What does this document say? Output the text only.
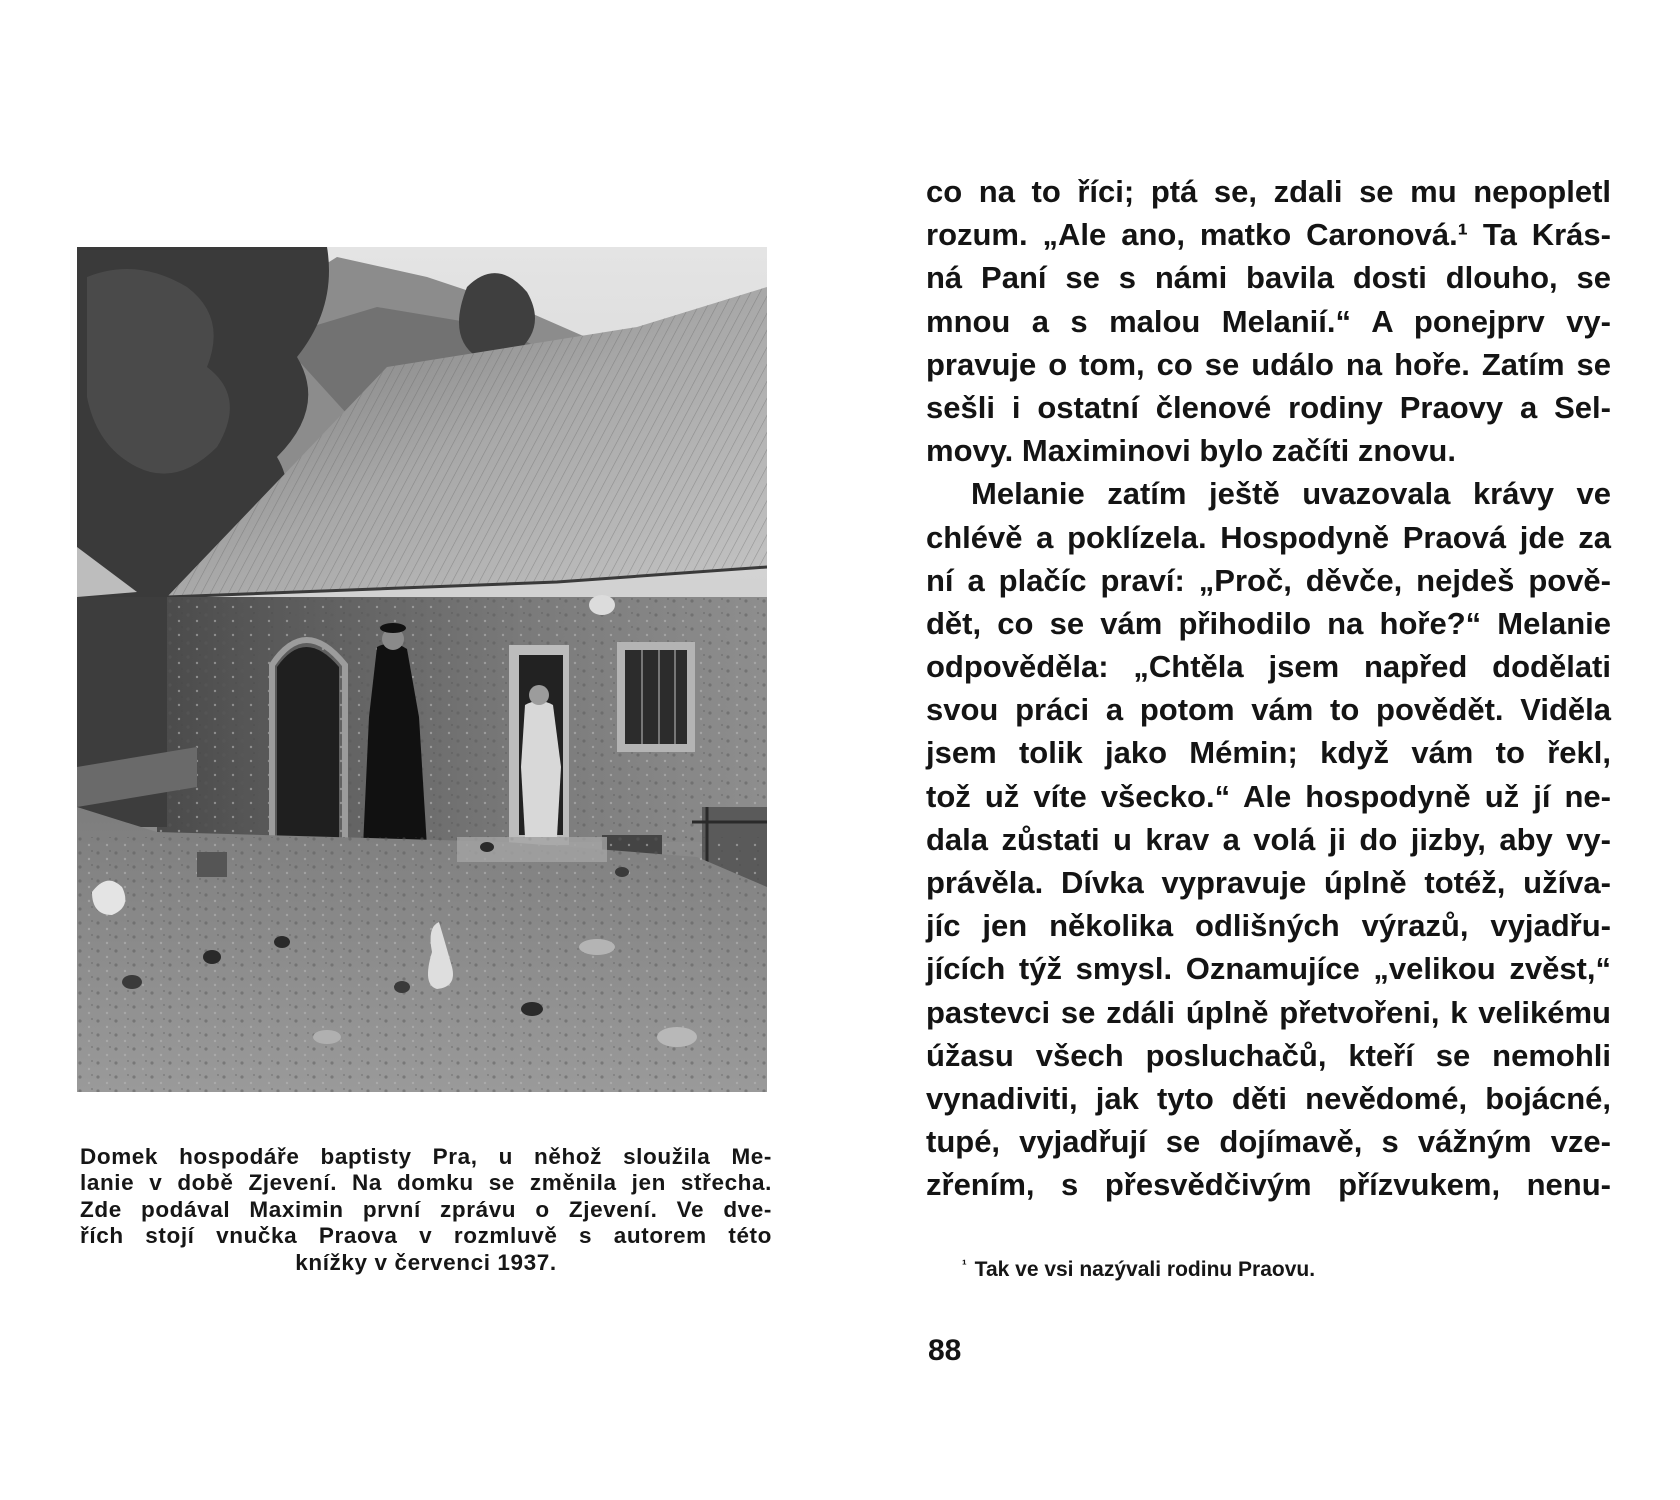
Domek hospodáře baptisty Pra, u něhož sloužila Me-
lanie v době Zjevení. Na domku se změnila jen střecha.
Zde podával Maximin první zprávu o Zjevení. Ve dve-
řích stojí vnučka Praova v rozmluvě s autorem této
knížky v červenci 1937.
co na to říci; ptá se, zdali se mu nepopletl
rozum. „Ale ano, matko Caronová.¹ Ta Krás-
ná Paní se s námi bavila dosti dlouho, se
mnou a s malou Melanií.“ A ponejprv vy-
pravuje o tom, co se událo na hoře. Zatím se
sešli i ostatní členové rodiny Praovy a Sel-
movy. Maximinovi bylo začíti znovu.
Melanie zatím ještě uvazovala krávy ve
chlévě a poklízela. Hospodyně Praová jde za
ní a plačíc praví: „Proč, děvče, nejdeš pově-
dět, co se vám přihodilo na hoře?“ Melanie
odpověděla: „Chtěla jsem napřed dodělati
svou práci a potom vám to povědět. Viděla
jsem tolik jako Mémin; když vám to řekl,
tož už víte všecko.“ Ale hospodyně už jí ne-
dala zůstati u krav a volá ji do jizby, aby vy-
právěla. Dívka vypravuje úplně totéž, užíva-
jíc jen několika odlišných výrazů, vyjadřu-
jících týž smysl. Oznamujíce „velikou zvěst,“
pastevci se zdáli úplně přetvořeni, k velikému
úžasu všech posluchačů, kteří se nemohli
vynadiviti, jak tyto děti nevědomé, bojácné,
tupé, vyjadřují se dojímavě, s vážným vze-
zřením, s přesvědčivým přízvukem, nenu-
$^{^1}$ Tak ve vsi nazývali rodinu Praovu.
88
